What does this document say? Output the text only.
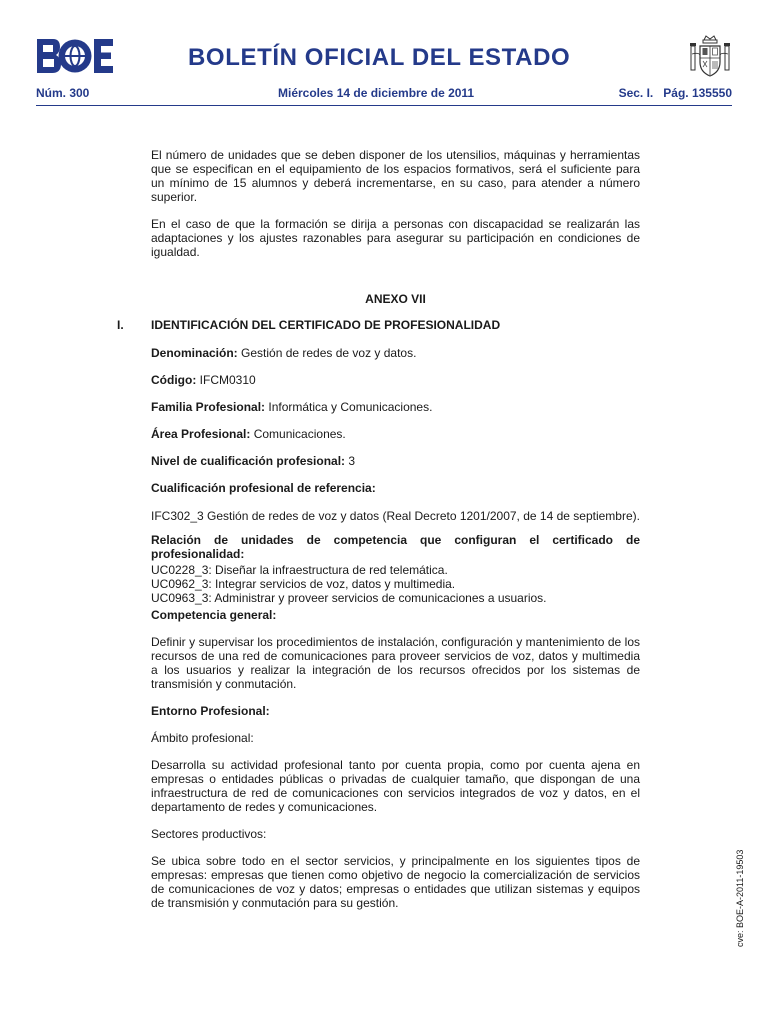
BOLETÍN OFICIAL DEL ESTADO
Núm. 300	Miércoles 14 de diciembre de 2011	Sec. I.   Pág. 135550

El número de unidades que se deben disponer de los utensilios, máquinas y herramientas que se especifican en el equipamiento de los espacios formativos, será el suficiente para un mínimo de 15 alumnos y deberá incrementarse, en su caso, para atender a número superior.

En el caso de que la formación se dirija a personas con discapacidad se realizarán las adaptaciones y los ajustes razonables para asegurar su participación en condiciones de igualdad.

ANEXO VII

I. IDENTIFICACIÓN DEL CERTIFICADO DE PROFESIONALIDAD

Denominación: Gestión de redes de voz y datos.

Código: IFCM0310

Familia Profesional: Informática y Comunicaciones.

Área Profesional: Comunicaciones.

Nivel de cualificación profesional: 3

Cualificación profesional de referencia:

IFC302_3 Gestión de redes de voz y datos (Real Decreto 1201/2007, de 14 de septiembre).

Relación de unidades de competencia que configuran el certificado de profesionalidad:

UC0228_3: Diseñar la infraestructura de red telemática.

UC0962_3: Integrar servicios de voz, datos y multimedia.

UC0963_3: Administrar y proveer servicios de comunicaciones a usuarios.

Competencia general:

Definir y supervisar los procedimientos de instalación, configuración y mantenimiento de los recursos de una red de comunicaciones para proveer servicios de voz, datos y multimedia a los usuarios y realizar la integración de los recursos ofrecidos por los sistemas de transmisión y conmutación.

Entorno Profesional:

Ámbito profesional:

Desarrolla su actividad profesional tanto por cuenta propia, como por cuenta ajena en empresas o entidades públicas o privadas de cualquier tamaño, que dispongan de una infraestructura de red de comunicaciones con servicios integrados de voz y datos, en el departamento de redes y comunicaciones.

Sectores productivos:

Se ubica sobre todo en el sector servicios, y principalmente en los siguientes tipos de empresas: empresas que tienen como objetivo de negocio la comercialización de servicios de comunicaciones de voz y datos; empresas o entidades que utilizan sistemas y equipos de transmisión y conmutación para su gestión.	cve: BOE-A-2011-19503
